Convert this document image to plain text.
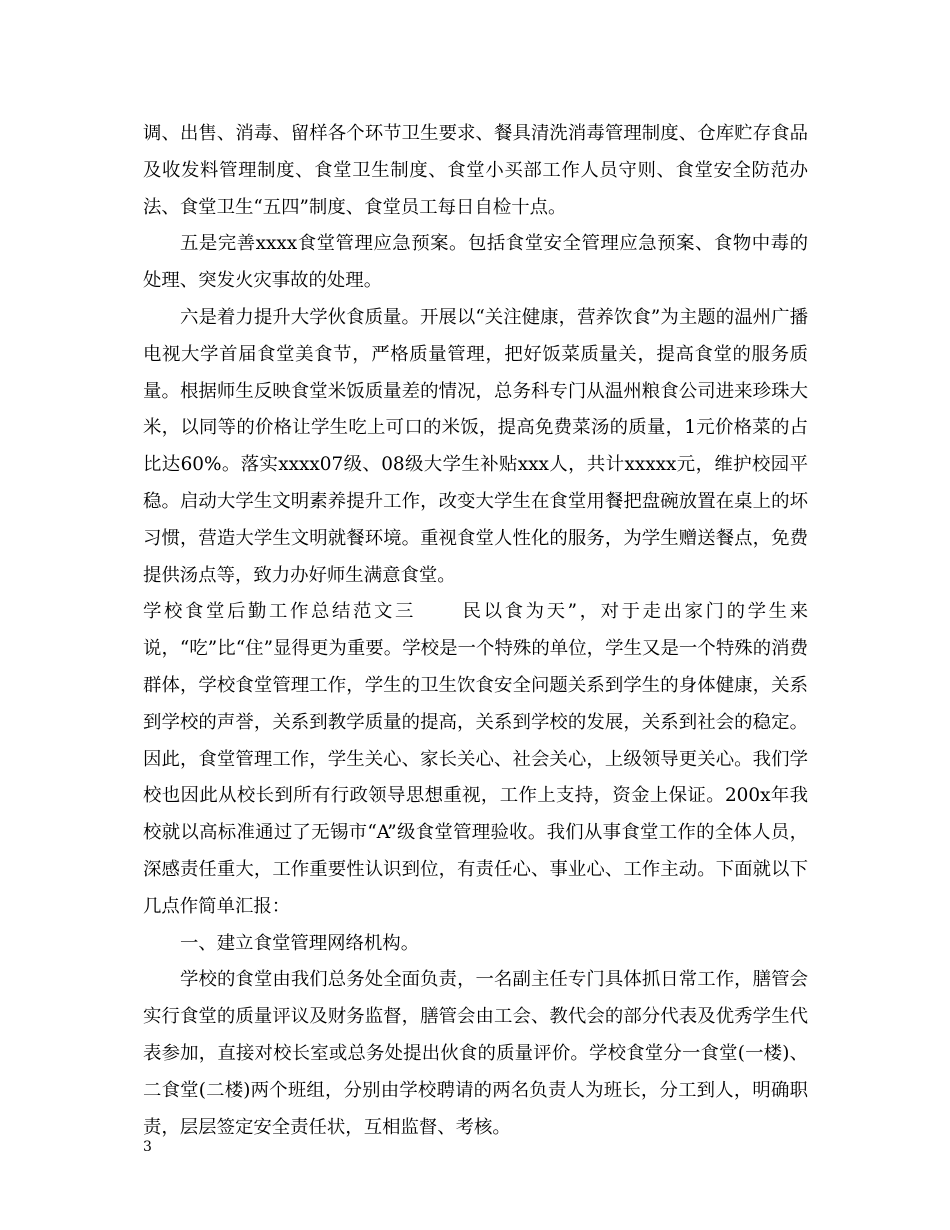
调、出售、消毒、留样各个环节卫生要求、餐具清洗消毒管理制度、仓库贮存食品及收发料管理制度、食堂卫生制度、食堂小买部工作人员守则、食堂安全防范办法、食堂卫生“五四”制度、食堂员工每日自检十点。

五是完善xxxx食堂管理应急预案。包括食堂安全管理应急预案、食物中毒的处理、突发火灾事故的处理。

六是着力提升大学伙食质量。开展以“关注健康，营养饮食”为主题的温州广播电视大学首届食堂美食节，严格质量管理，把好饭菜质量关，提高食堂的服务质量。根据师生反映食堂米饭质量差的情况，总务科专门从温州粮食公司进来珍珠大米，以同等的价格让学生吃上可口的米饭，提高免费菜汤的质量，1元价格菜的占比达60%。落实xxxx07级、08级大学生补贴xxx人，共计xxxxx元，维护校园平稳。启动大学生文明素养提升工作，改变大学生在食堂用餐把盘碗放置在桌上的坏习惯，营造大学生文明就餐环境。重视食堂人性化的服务，为学生赠送餐点，免费提供汤点等，致力办好师生满意食堂。

学校食堂后勤工作总结范文三 民以食为天”，对于走出家门的学生来说，“吃”比“住”显得更为重要。学校是一个特殊的单位，学生又是一个特殊的消费群体，学校食堂管理工作，学生的卫生饮食安全问题关系到学生的身体健康，关系到学校的声誉，关系到教学质量的提高，关系到学校的发展，关系到社会的稳定。因此，食堂管理工作，学生关心、家长关心、社会关心，上级领导更关心。我们学校也因此从校长到所有行政领导思想重视，工作上支持，资金上保证。200x年我校就以高标准通过了无锡市“A”级食堂管理验收。我们从事食堂工作的全体人员，深感责任重大，工作重要性认识到位，有责任心、事业心、工作主动。下面就以下几点作简单汇报：

一、建立食堂管理网络机构。

学校的食堂由我们总务处全面负责，一名副主任专门具体抓日常工作，膳管会实行食堂的质量评议及财务监督，膳管会由工会、教代会的部分代表及优秀学生代表参加，直接对校长室或总务处提出伙食的质量评价。学校食堂分一食堂(一楼)、二食堂(二楼)两个班组，分别由学校聘请的两名负责人为班长，分工到人，明确职责，层层签定安全责任状，互相监督、考核。

3
